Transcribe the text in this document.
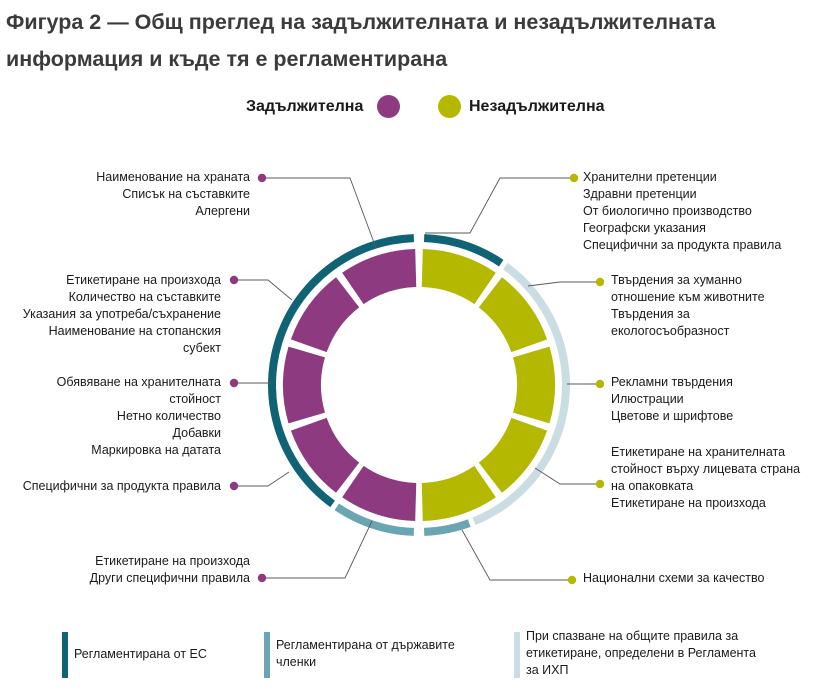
Фигура 2 — Общ преглед на задължителната и незадължителната
информация и къде тя е регламентирана
Задължителна	Незадължителна
Наименование на храната
Списък на съставките
Алергени
Етикетиране на произхода
Количество на съставките
Указания за употреба/съхранение
Наименование на стопанския
субект
Обявяване на хранителната
стойност
Нетно количество
Добавки
Маркировка на датата
Специфични за продукта правила
Етикетиране на произхода
Други специфични правила
Хранителни претенции
Здравни претенции
От биологично производство
Географски указания
Специфични за продукта правила
Твърдения за хуманно
отношение към животните
Твърдения за
екологосъобразност
Рекламни твърдения
Илюстрации
Цветове и шрифтове
Етикетиране на хранителната
стойност върху лицевата страна
на опаковката
Етикетиране на произхода
Национални схеми за качество
Регламентирана от ЕС
Регламентирана от държавите
членки
При спазване на общите правила за
етикетиране, определени в Регламента
за ИХП
